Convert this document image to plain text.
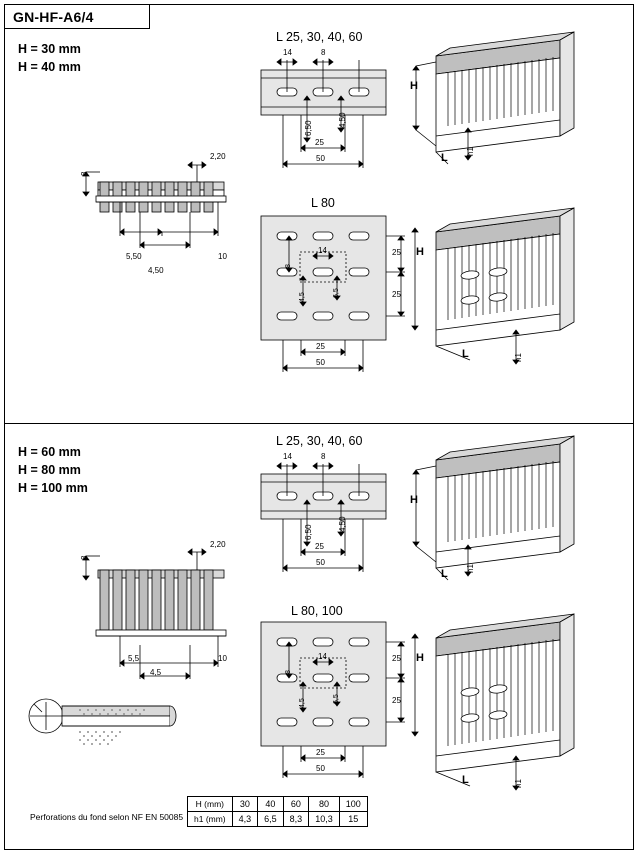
GN-HF-A6/4
H = 30 mm
H = 40 mm
L 25, 30, 40, 60
L 80
8
2,20
5,50	10
4,50
14	8
6,50
4,50
25
50
8
14
4,5	6,5
25
25
H
25
50
H
L
h1
L	h1
H = 60 mm
H = 80 mm
H = 100 mm
L 25, 30, 40, 60
L 80, 100
8
2,20
5,5	10
4,5
14	8
6,50
4,50
25
50
8
14
4,5	6,5
25
25
H
25
50
H
L h1
L	h1
Perforations du fond selon NF EN 50085
H (mm)	30	40	60	80	100
h1 (mm)	4,3	6,5	8,3	10,3	15
